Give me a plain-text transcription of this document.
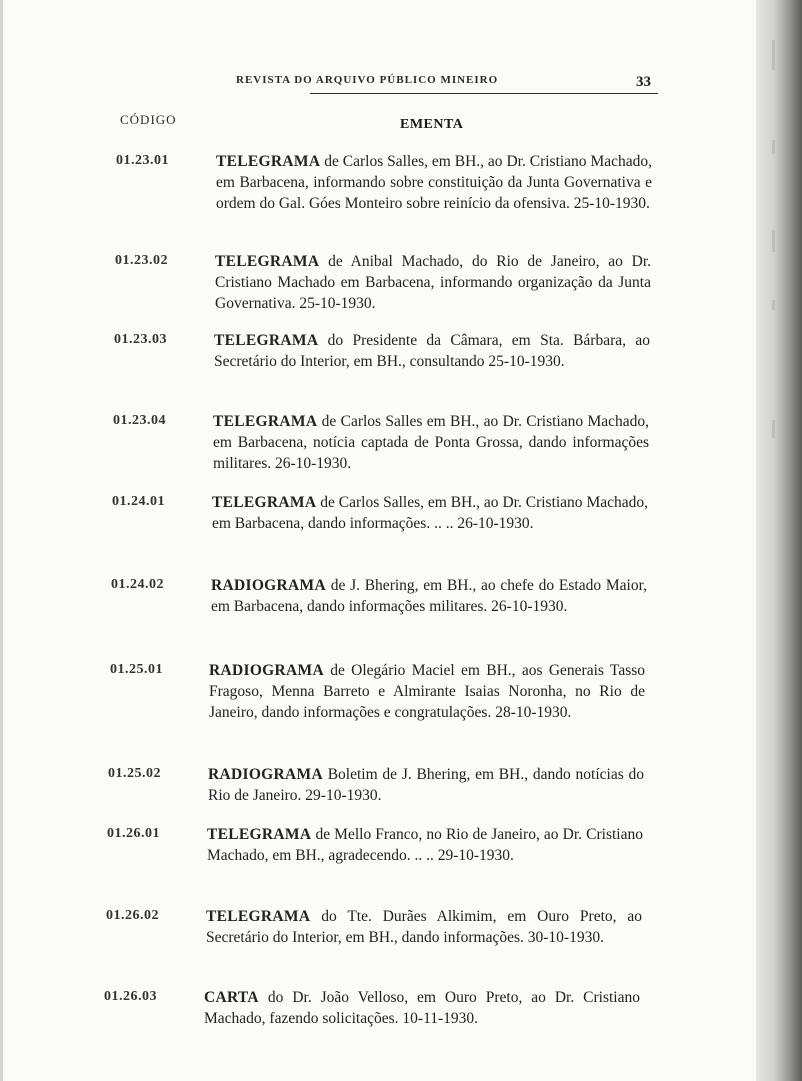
REVISTA DO ARQUIVO PÚBLICO MINEIRO	33
CÓDIGO	EMENTA
01.23.01	TELEGRAMA de Carlos Salles, em BH., ao Dr. Cristiano Machado, em Barbacena, informando sobre constituição da Junta Governativa e ordem do Gal. Góes Monteiro sobre reinício da ofensiva. 25-10-1930.
01.23.02	TELEGRAMA de Anibal Machado, do Rio de Janeiro, ao Dr. Cristiano Machado em Barbacena, informando organização da Junta Governativa. 25-10-1930.
01.23.03	TELEGRAMA do Presidente da Câmara, em Sta. Bárbara, ao Secretário do Interior, em BH., consultando 25-10-1930.
01.23.04	TELEGRAMA de Carlos Salles em BH., ao Dr. Cristiano Machado, em Barbacena, notícia captada de Ponta Grossa, dando informações militares. 26-10-1930.
01.24.01	TELEGRAMA de Carlos Salles, em BH., ao Dr. Cristiano Machado, em Barbacena, dando informações. .. .. 26-10-1930.
01.24.02	RADIOGRAMA de J. Bhering, em BH., ao chefe do Estado Maior, em Barbacena, dando informações militares. 26-10-1930.
01.25.01	RADIOGRAMA de Olegário Maciel em BH., aos Generais Tasso Fragoso, Menna Barreto e Almirante Isaias Noronha, no Rio de Janeiro, dando informações e congratulações. 28-10-1930.
01.25.02	RADIOGRAMA Boletim de J. Bhering, em BH., dando notícias do Rio de Janeiro. 29-10-1930.
01.26.01	TELEGRAMA de Mello Franco, no Rio de Janeiro, ao Dr. Cristiano Machado, em BH., agradecendo. .. .. 29-10-1930.
01.26.02	TELEGRAMA do Tte. Durães Alkimim, em Ouro Preto, ao Secretário do Interior, em BH., dando informações. 30-10-1930.
01.26.03	CARTA do Dr. João Velloso, em Ouro Preto, ao Dr. Cristiano Machado, fazendo solicitações. 10-11-1930.
